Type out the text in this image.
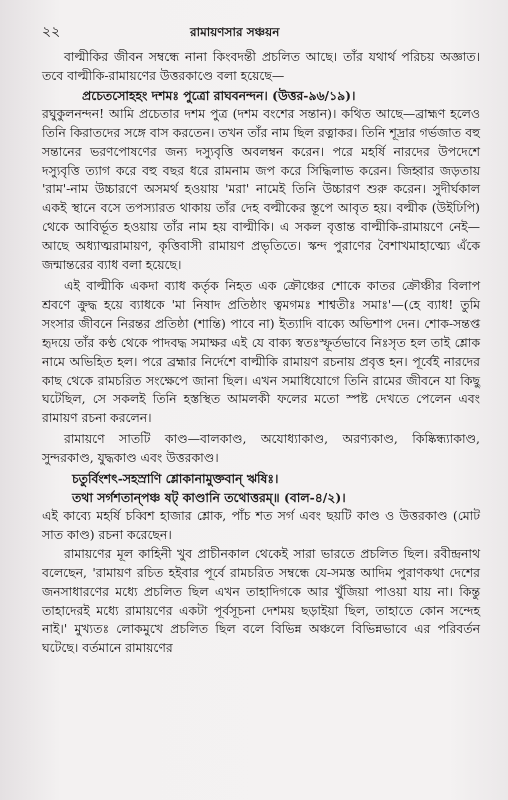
২২	রামায়ণসার সঞ্চয়ন

বাল্মীকির জীবন সম্বন্ধে নানা কিংবদন্তী প্রচলিত আছে। তাঁর যথার্থ পরিচয় অজ্ঞাত। তবে বাল্মীকি-রামায়ণের উত্তরকাণ্ডে বলা হয়েছে—

প্রচেতসোহহং দশমঃ পুত্রো রাঘবনন্দন। (উত্তর-৯৬/১৯)।

রঘুকুলনন্দন! আমি প্রচেতার দশম পুত্র (দশম বংশের সন্তান)। কথিত আছে—ব্রাহ্মণ হলেও তিনি কিরাতদের সঙ্গে বাস করতেন। তখন তাঁর নাম ছিল রত্নাকর। তিনি শূদ্রার গর্ভজাত বহু সন্তানের ভরণপোষণের জন্য দস্যুবৃত্তি অবলম্বন করেন। পরে মহর্ষি নারদের উপদেশে দস্যুবৃত্তি ত্যাগ করে বহু বছর ধরে রামনাম জপ করে সিদ্ধিলাভ করেন। জিহ্বার জড়তায় 'রাম'-নাম উচ্চারণে অসমর্থ হওয়ায় 'মরা' নামেই তিনি উচ্চারণ শুরু করেন। সুদীর্ঘকাল একই স্থানে বসে তপস্যারত থাকায় তাঁর দেহ বল্মীকের স্তূপে আবৃত হয়। বল্মীক (উইঢিপি) থেকে আবির্ভূত হওয়ায় তাঁর নাম হয় বাল্মীকি। এ সকল বৃত্তান্ত বাল্মীকি-রামায়ণে নেই—আছে অধ্যাত্মরামায়ণ, কৃত্তিবাসী রামায়ণ প্রভৃতিতে। স্কন্দ পুরাণের বৈশাখমাহাত্ম্যে এঁকে জন্মান্তরের ব্যাধ বলা হয়েছে।

এই বাল্মীকি একদা ব্যাধ কর্তৃক নিহত এক ক্রৌঞ্চের শোকে কাতর ক্রৌঞ্চীর বিলাপ শ্রবণে ক্রুদ্ধ হয়ে ব্যাধকে 'মা নিষাদ প্রতিষ্ঠাং ত্বমগমঃ শাশ্বতীঃ সমাঃ'—(হে ব্যাধ! তুমি সংসার জীবনে নিরন্তর প্রতিষ্ঠা (শান্তি) পাবে না) ইত্যাদি বাক্যে অভিশাপ দেন। শোক-সন্তপ্ত হৃদয়ে তাঁর কণ্ঠ থেকে পাদবদ্ধ সমাক্ষর এই যে বাক্য স্বতঃস্ফূর্তভাবে নিঃসৃত হল তাই শ্লোক নামে অভিহিত হল। পরে ব্রহ্মার নির্দেশে বাল্মীকি রামায়ণ রচনায় প্রবৃত্ত হন। পূর্বেই নারদের কাছ থেকে রামচরিত সংক্ষেপে জানা ছিল। এখন সমাধিযোগে তিনি রামের জীবনে যা কিছু ঘটেছিল, সে সকলই তিনি হস্তস্থিত আমলকী ফলের মতো স্পষ্ট দেখতে পেলেন এবং রামায়ণ রচনা করলেন।

রামায়ণে সাতটি কাণ্ড—বালকাণ্ড, অযোধ্যাকাণ্ড, অরণ্যকাণ্ড, কিষ্কিন্ধ্যাকাণ্ড, সুন্দরকাণ্ড, যুদ্ধকাণ্ড এবং উত্তরকাণ্ড।

চতুর্বিংশৎ-সহস্রাণি শ্লোকানামুক্তবান্ ঋষিঃ।

তথা সর্গশতান্‌পঞ্চ ষট্ কাণ্ডানি তথোত্তরম্॥ (বাল-৪/২)।

এই কাব্যে মহর্ষি চব্বিশ হাজার শ্লোক, পাঁচ শত সর্গ এবং ছয়টি কাণ্ড ও উত্তরকাণ্ড (মোট সাত কাণ্ড) রচনা করেছেন।

রামায়ণের মূল কাহিনী খুব প্রাচীনকাল থেকেই সারা ভারতে প্রচলিত ছিল। রবীন্দ্রনাথ বলেছেন, 'রামায়ণ রচিত হইবার পূর্বে রামচরিত সম্বন্ধে যে-সমস্ত আদিম পুরাণকথা দেশের জনসাধারণের মধ্যে প্রচলিত ছিল এখন তাহাদিগকে আর খুঁজিয়া পাওয়া যায় না। কিন্তু তাহাদেরই মধ্যে রামায়ণের একটা পূর্বসূচনা দেশময় ছড়াইয়া ছিল, তাহাতে কোন সন্দেহ নাই।' মুখ্যতঃ লোকমুখে প্রচলিত ছিল বলে বিভিন্ন অঞ্চলে বিভিন্নভাবে এর পরিবর্তন ঘটেছে। বর্তমানে রামায়ণের
